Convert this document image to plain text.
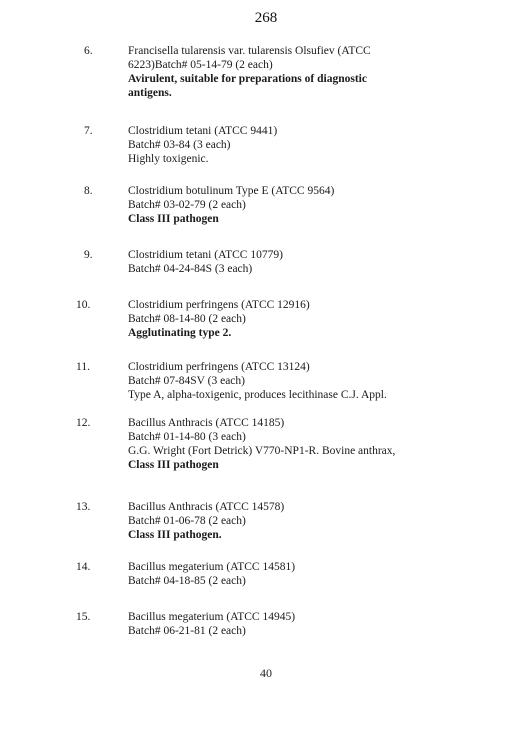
268
6.	Francisella tularensis var. tularensis Olsufiev (ATCC
6223)Batch# 05-14-79 (2 each)
Avirulent, suitable for preparations of diagnostic
antigens.
7.	Clostridium tetani (ATCC 9441)
Batch# 03-84 (3 each)
Highly toxigenic.
8.	Clostridium botulinum Type E (ATCC 9564)
Batch# 03-02-79 (2 each)
Class III pathogen
9.	Clostridium tetani (ATCC 10779)
Batch# 04-24-84S (3 each)
10.	Clostridium perfringens (ATCC 12916)
Batch# 08-14-80 (2 each)
Agglutinating type 2.
11.	Clostridium perfringens (ATCC 13124)
Batch# 07-84SV (3 each)
Type A, alpha-toxigenic, produces lecithinase C.J. Appl.
12.	Bacillus Anthracis (ATCC 14185)
Batch# 01-14-80 (3 each)
G.G. Wright (Fort Detrick) V770-NP1-R. Bovine anthrax,
Class III pathogen
13.	Bacillus Anthracis (ATCC 14578)
Batch# 01-06-78 (2 each)
Class III pathogen.
14.	Bacillus megaterium (ATCC 14581)
Batch# 04-18-85 (2 each)
15.	Bacillus megaterium (ATCC 14945)
Batch# 06-21-81 (2 each)
40
